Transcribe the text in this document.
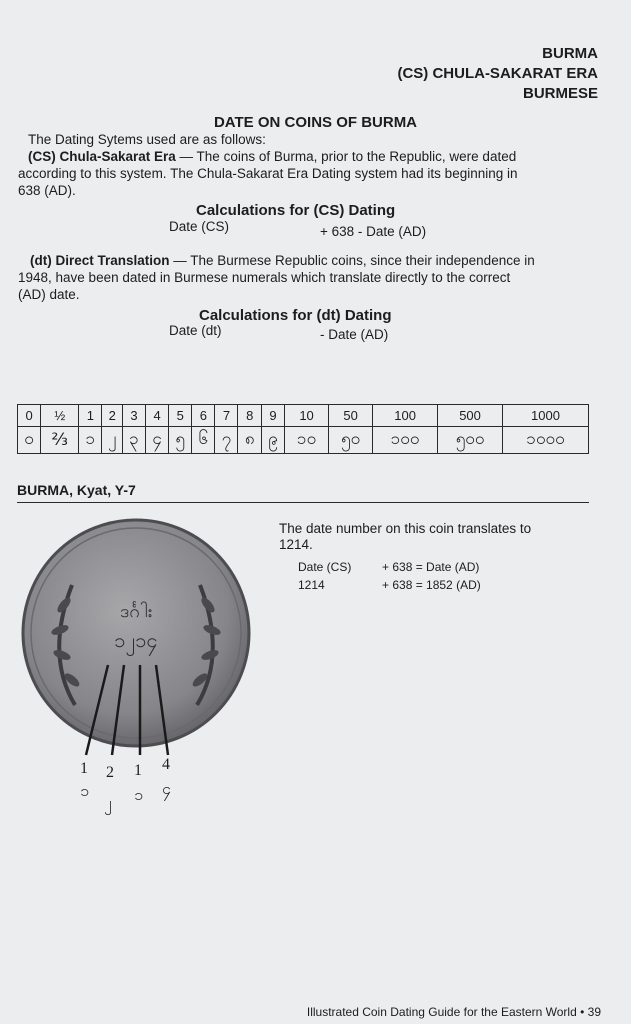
BURMA
(CS) CHULA-SAKARAT ERA
BURMESE
DATE ON COINS OF BURMA
The Dating Sytems used are as follows:
(CS) Chula-Sakarat Era — The coins of Burma, prior to the Republic, were dated
according to this system. The Chula-Sakarat Era Dating system had its beginning in
638 (AD).
Calculations for (CS) Dating
Date (CS)	+ 638 - Date (AD)
(dt) Direct Translation — The Burmese Republic coins, since their independence in
1948, have been dated in Burmese numerals which translate directly to the correct
(AD) date.
Calculations for (dt) Dating
Date (dt)	- Date (AD)
0	½	1	2	3	4	5	6	7	8	9	10	50	100	500	1000
၀	⅔	၁	၂	၃	၄	၅	၆	၇	၈	၉	၁၀	၅၀	၁၀၀	၅၀၀	၁၀၀၀
BURMA, Kyat, Y-7
ဒင်္ဂါး
၁၂၁၄
1 2 1 4
၁
၂ ၁ ၄
The date number on this coin translates to
1214.
Date (CS)	+ 638 = Date (AD)
1214	+ 638 = 1852 (AD)
Illustrated Coin Dating Guide for the Eastern World • 39
